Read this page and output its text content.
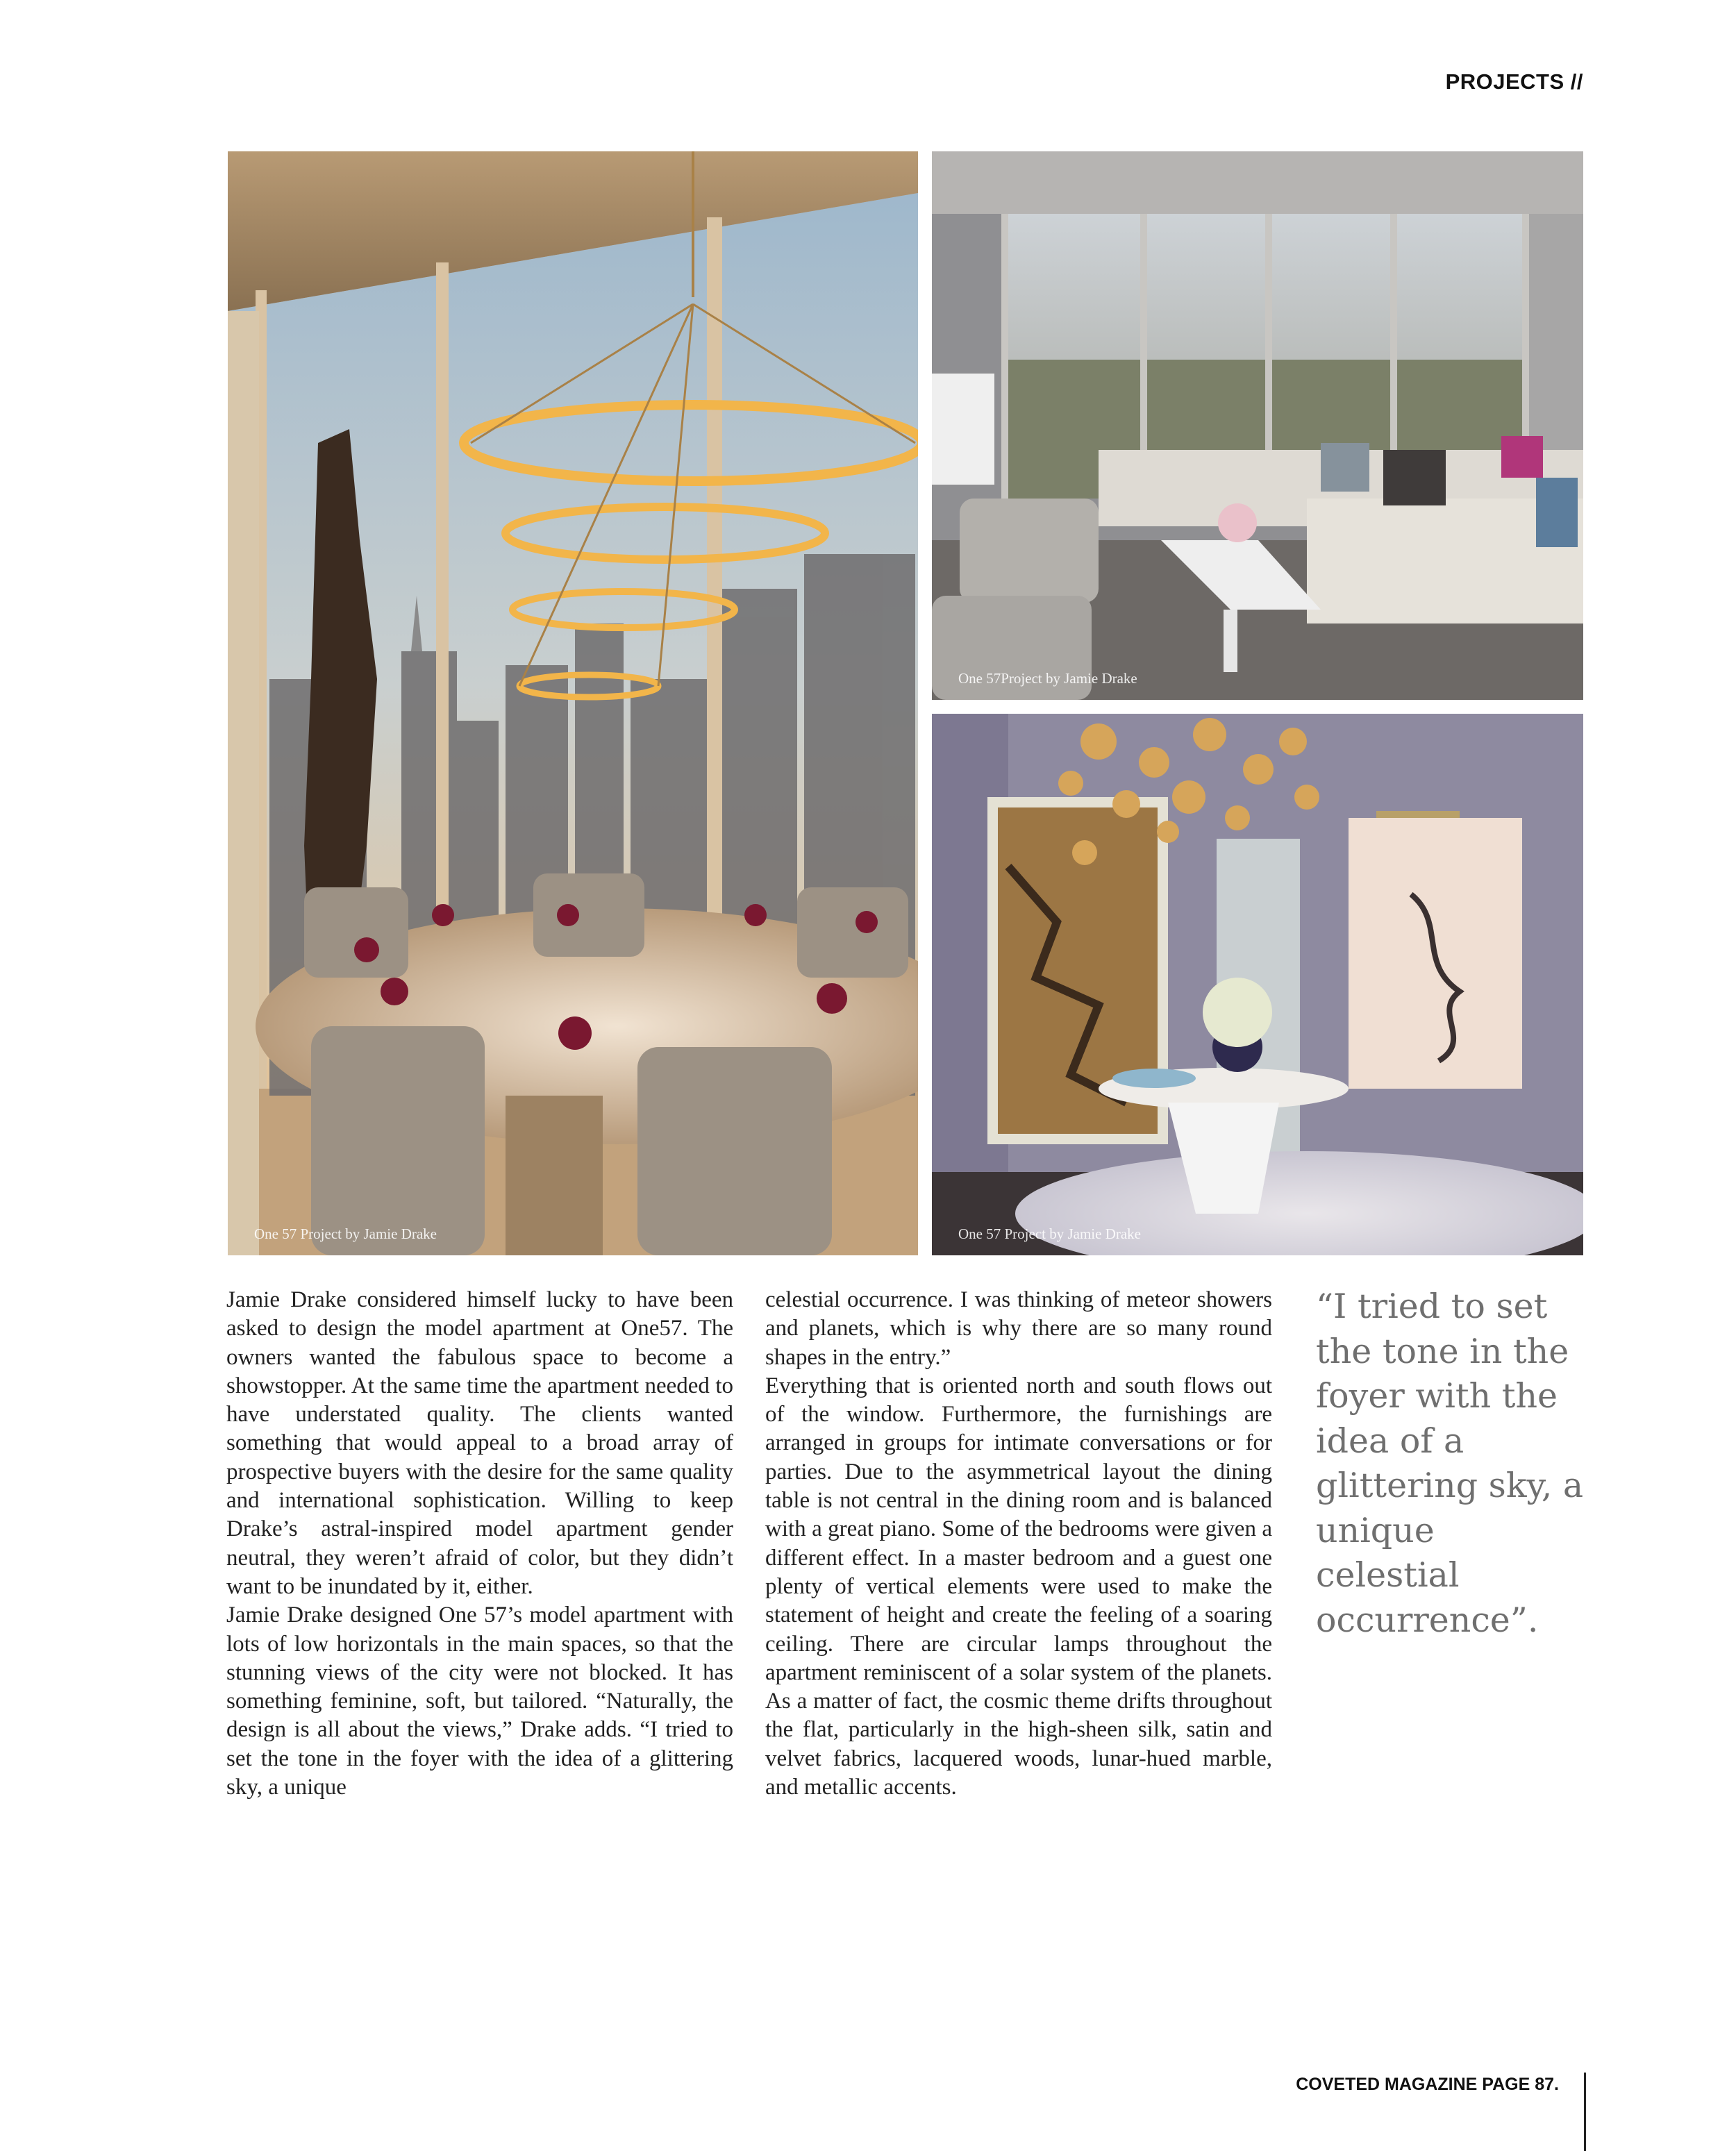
PROJECTS //
One 57 Project by Jamie Drake
One 57Project by Jamie Drake
One 57 Project by Jamie Drake

Jamie Drake considered himself lucky to have been asked to design the model apartment at One57. The owners wanted the fabulous space to become a showstopper. At the same time the apartment needed to have understated quality. The clients wanted something that would appeal to a broad array of prospective buyers with the desire for the same quality and international sophistication. Willing to keep Drake’s astral-inspired model apartment gender neutral, they weren’t afraid of color, but they didn’t want to be inundated by it, either.

Jamie Drake designed One 57’s model apartment with lots of low horizontals in the main spaces, so that the stunning views of the city were not blocked. It has something feminine, soft, but tailored. “Naturally, the design is all about the views,” Drake adds. “I tried to set the tone in the foyer with the idea of a glittering sky, a unique

celestial occurrence. I was thinking of meteor showers and planets, which is why there are so many round shapes in the entry.”

Everything that is oriented north and south flows out of the window. Furthermore, the furnishings are arranged in groups for intimate conversations or for parties. Due to the asymmetrical layout the dining table is not central in the dining room and is balanced with a great piano. Some of the bedrooms were given a different effect. In a master bedroom and a guest one plenty of vertical elements were used to make the statement of height and create the feeling of a soaring ceiling. There are circular lamps throughout the apartment reminiscent of a solar system of the planets. As a matter of fact, the cosmic theme drifts throughout the flat, particularly in the high-sheen silk, satin and velvet fabrics, lacquered woods, lunar-hued marble, and metallic accents.

“I tried to set the tone in the foyer with the idea of a glittering sky, a unique celestial occurrence”.
COVETED MAGAZINE PAGE 87.
